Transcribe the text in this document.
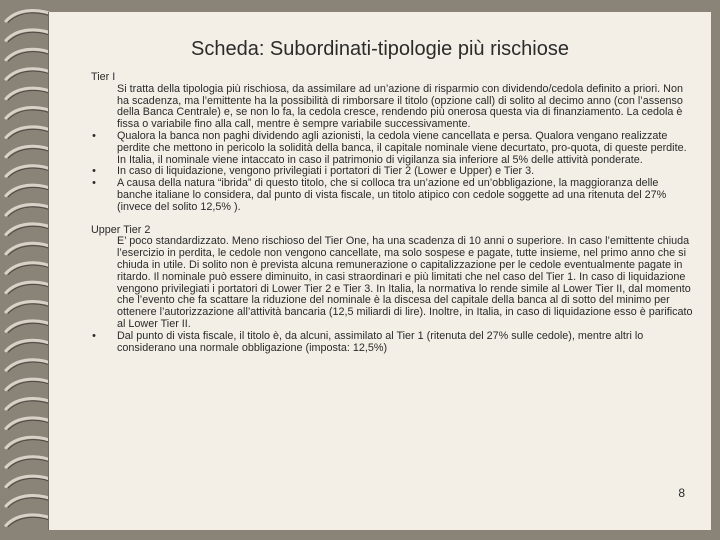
Scheda: Subordinati-tipologie più rischiose
Tier I
Si tratta della tipologia più rischiosa, da assimilare ad un’azione di risparmio con dividendo/cedola definito a priori. Non ha scadenza, ma l’emittente ha la possibilità di rimborsare il titolo (opzione call) di solito al decimo anno (con l’assenso della Banca Centrale) e, se non lo fa, la cedola cresce, rendendo più onerosa questa via di finanziamento. La cedola è fissa o variabile fino alla call, mentre è sempre variabile successivamente.
• Qualora la banca non paghi dividendo agli azionisti, la cedola viene cancellata e persa. Qualora vengano realizzate perdite che mettono in pericolo la solidità della banca, il capitale nominale viene decurtato, pro-quota, di queste perdite. In Italia, il nominale viene intaccato in caso il patrimonio di vigilanza sia inferiore al 5% delle attività ponderate.
• In caso di liquidazione, vengono privilegiati i portatori di Tier 2 (Lower e Upper) e Tier 3.
• A causa della natura “ibrida” di questo titolo, che si colloca tra un’azione ed un’obbligazione, la maggioranza delle banche italiane lo considera, dal punto di vista fiscale, un titolo atipico con cedole soggette ad una ritenuta del 27% (invece del solito 12,5% ).
Upper Tier 2
E’ poco standardizzato. Meno rischioso del Tier One, ha una scadenza di 10 anni o superiore. In caso l’emittente chiuda l’esercizio in perdita, le cedole non vengono cancellate, ma solo sospese e pagate, tutte insieme, nel primo anno che si chiuda in utile. Di solito non è prevista alcuna remunerazione o capitalizzazione per le cedole eventualmente pagate in ritardo. Il nominale può essere diminuito, in casi straordinari e più limitati che nel caso del Tier 1. In caso di liquidazione vengono privilegiati i portatori di Lower Tier 2 e Tier 3. In Italia, la normativa lo rende simile al Lower Tier II, dal momento che l’evento che fa scattare la riduzione del nominale è la discesa del capitale della banca al di sotto del minimo per ottenere l’autorizzazione all’attività bancaria (12,5 miliardi di lire). Inoltre, in Italia, in caso di liquidazione esso è parificato al Lower Tier II.
• Dal punto di vista fiscale, il titolo è, da alcuni, assimilato al Tier 1 (ritenuta del 27% sulle cedole), mentre altri lo considerano una normale obbligazione (imposta: 12,5%)
8
